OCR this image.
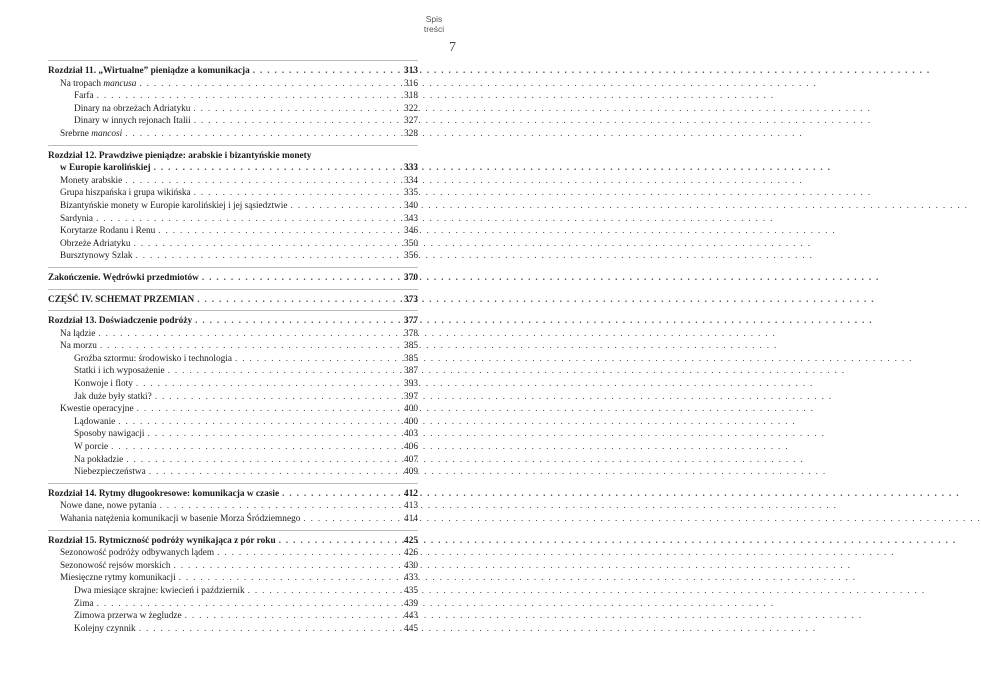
Spis
treści
7
Rozdział 11. „Wirtualne” pieniądze a komunikacja . . .	313
Na tropach mancusa . . .	316
Farfa . . .	318
Dinary na obrzeżach Adriatyku . . .	322
Dinary w innych rejonach Italii . . .	327
Srebrne mancosi . . .	328
Rozdział 12. Prawdziwe pieniądze: arabskie i bizantyńskie monety
w Europie karolińskiej . . .	333
Monety arabskie . . .	334
Grupa hiszpańska i grupa wikińska . . .	335
Bizantyńskie monety w Europie karolińskiej i jej sąsiedztwie . . .	340
Sardynia . . .	343
Korytarze Rodanu i Renu . . .	346
Obrzeże Adriatyku . . .	350
Bursztynowy Szlak . . .	356
Zakończenie. Wędrówki przedmiotów . . .	370
CZĘŚĆ IV. SCHEMAT PRZEMIAN . . .	373
Rozdział 13. Doświadczenie podróży . . .	377
Na lądzie . . .	378
Na morzu . . .	385
Groźba sztormu: środowisko i technologia . . .	385
Statki i ich wyposażenie . . .	387
Konwoje i floty . . .	393
Jak duże były statki? . . .	397
Kwestie operacyjne . . .	400
Lądowanie . . .	400
Sposoby nawigacji . . .	403
W porcie . . .	406
Na pokładzie . . .	407
Niebezpieczeństwa . . .	409
Rozdział 14. Rytmy długookresowe: komunikacja w czasie . . .	412
Nowe dane, nowe pytania . . .	413
Wahania natężenia komunikacji w basenie Morza Śródziemnego . . .	414
Rozdział 15. Rytmiczność podróży wynikająca z pór roku . . .	425
Sezonowość podróży odbywanych lądem . . .	426
Sezonowość rejsów morskich . . .	430
Miesięczne rytmy komunikacji . . .	433
Dwa miesiące skrajne: kwiecień i październik . . .	435
Zima . . .	439
Zimowa przerwa w żegludze . . .	443
Kolejny czynnik . . .	445
